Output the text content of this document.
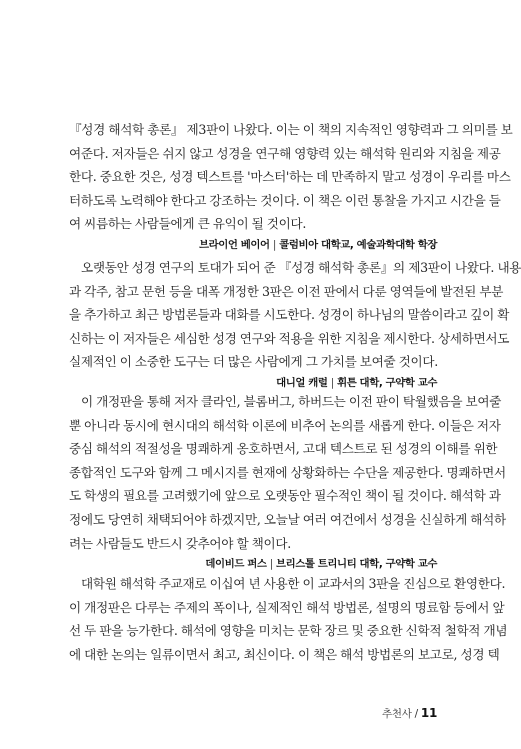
『성경 해석학 총론』 제3판이 나왔다. 이는 이 책의 지속적인 영향력과 그 의미를 보
여준다. 저자들은 쉬지 않고 성경을 연구해 영향력 있는 해석학 원리와 지침을 제공
한다. 중요한 것은, 성경 텍스트를 '마스터'하는 데 만족하지 말고 성경이 우리를 마스
터하도록 노력해야 한다고 강조하는 것이다. 이 책은 이런 통찰을 가지고 시간을 들
여 씨름하는 사람들에게 큰 유익이 될 것이다.

브라이언 베이어 | 콜럼비아 대학교, 예술과학대학 학장

오랫동안 성경 연구의 토대가 되어 준 『성경 해석학 총론』의 제3판이 나왔다. 내용
과 각주, 참고 문헌 등을 대폭 개정한 3판은 이전 판에서 다룬 영역들에 발전된 부분
을 추가하고 최근 방법론들과 대화를 시도한다. 성경이 하나님의 말씀이라고 깊이 확
신하는 이 저자들은 세심한 성경 연구와 적용을 위한 지침을 제시한다. 상세하면서도
실제적인 이 소중한 도구는 더 많은 사람에게 그 가치를 보여줄 것이다.

대니얼 캐럴 | 휘튼 대학, 구약학 교수

이 개정판을 통해 저자 클라인, 블롬버그, 하버드는 이전 판이 탁월했음을 보여줄
뿐 아니라 동시에 현시대의 해석학 이론에 비추어 논의를 새롭게 한다. 이들은 저자
중심 해석의 적절성을 명쾌하게 옹호하면서, 고대 텍스트로 된 성경의 이해를 위한
종합적인 도구와 함께 그 메시지를 현재에 상황화하는 수단을 제공한다. 명쾌하면서
도 학생의 필요를 고려했기에 앞으로 오랫동안 필수적인 책이 될 것이다. 해석학 과
정에도 당연히 채택되어야 하겠지만, 오늘날 여러 여건에서 성경을 신실하게 해석하
려는 사람들도 반드시 갖추어야 할 책이다.

데이비드 퍼스 | 브리스톨 트리니티 대학, 구약학 교수

대학원 해석학 주교재로 이십여 년 사용한 이 교과서의 3판을 진심으로 환영한다.
이 개정판은 다루는 주제의 폭이나, 실제적인 해석 방법론, 설명의 명료함 등에서 앞
선 두 판을 능가한다. 해석에 영향을 미치는 문학 장르 및 중요한 신학적 철학적 개념
에 대한 논의는 일류이면서 최고, 최신이다. 이 책은 해석 방법론의 보고로, 성경 텍

추천사 / 11
